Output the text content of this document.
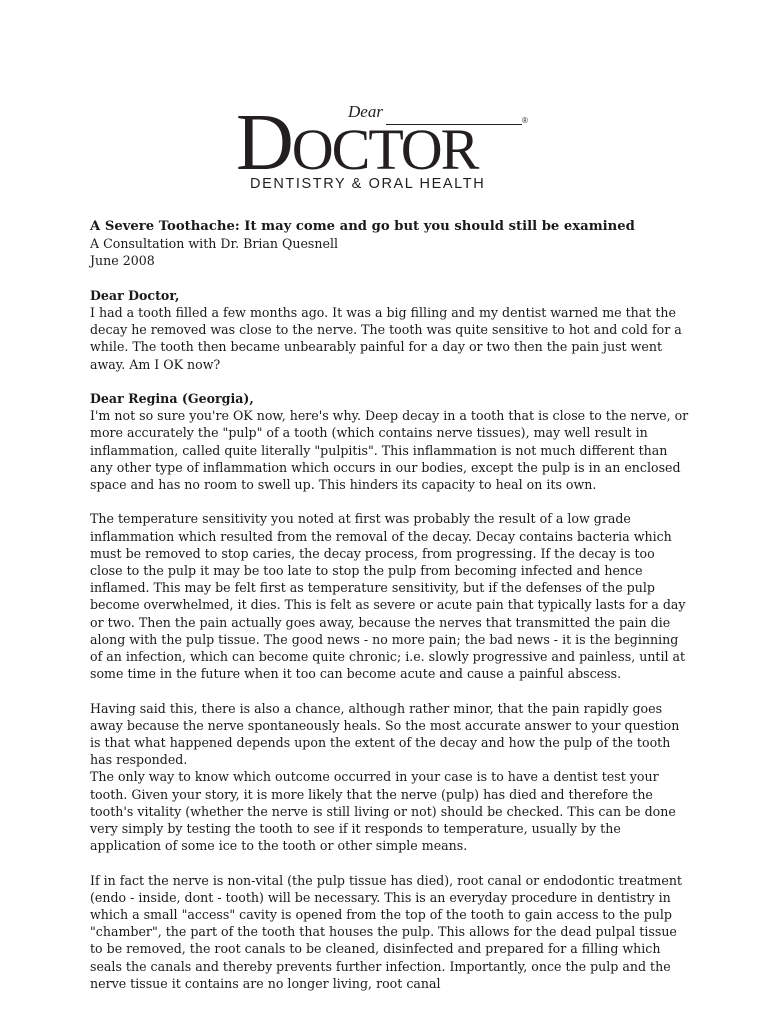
Dear	®
DOCTOR
DENTISTRY & ORAL HEALTH

A Severe Toothache: It may come and go but you should still be examined

A Consultation with Dr. Brian Quesnell

June 2008

Dear Doctor,

I had a tooth filled a few months ago. It was a big filling and my dentist warned me that the decay he removed was close to the nerve. The tooth was quite sensitive to hot and cold for a while. The tooth then became unbearably painful for a day or two then the pain just went away. Am I OK now?

Dear Regina (Georgia),

I'm not so sure you're OK now, here's why. Deep decay in a tooth that is close to the nerve, or more accurately the "pulp" of a tooth (which contains nerve tissues), may well result in inflammation, called quite literally "pulpitis". This inflammation is not much different than any other type of inflammation which occurs in our bodies, except the pulp is in an enclosed space and has no room to swell up. This hinders its capacity to heal on its own.

The temperature sensitivity you noted at first was probably the result of a low grade inflammation which resulted from the removal of the decay. Decay contains bacteria which must be removed to stop caries, the decay process, from progressing. If the decay is too close to the pulp it may be too late to stop the pulp from becoming infected and hence inflamed. This may be felt first as temperature sensitivity, but if the defenses of the pulp become overwhelmed, it dies. This is felt as severe or acute pain that typically lasts for a day or two. Then the pain actually goes away, because the nerves that transmitted the pain die along with the pulp tissue. The good news - no more pain; the bad news - it is the beginning of an infection, which can become quite chronic; i.e. slowly progressive and painless, until at some time in the future when it too can become acute and cause a painful abscess.

Having said this, there is also a chance, although rather minor, that the pain rapidly goes away because the nerve spontaneously heals. So the most accurate answer to your question is that what happened depends upon the extent of the decay and how the pulp of the tooth has responded.

The only way to know which outcome occurred in your case is to have a dentist test your tooth. Given your story, it is more likely that the nerve (pulp) has died and therefore the tooth's vitality (whether the nerve is still living or not) should be checked. This can be done very simply by testing the tooth to see if it responds to temperature, usually by the application of some ice to the tooth or other simple means.

If in fact the nerve is non-vital (the pulp tissue has died), root canal or endodontic treatment (endo - inside, dont - tooth) will be necessary. This is an everyday procedure in dentistry in which a small "access" cavity is opened from the top of the tooth to gain access to the pulp "chamber", the part of the tooth that houses the pulp. This allows for the dead pulpal tissue to be removed, the root canals to be cleaned, disinfected and prepared for a filling which seals the canals and thereby prevents further infection. Importantly, once the pulp and the nerve tissue it contains are no longer living, root canal
